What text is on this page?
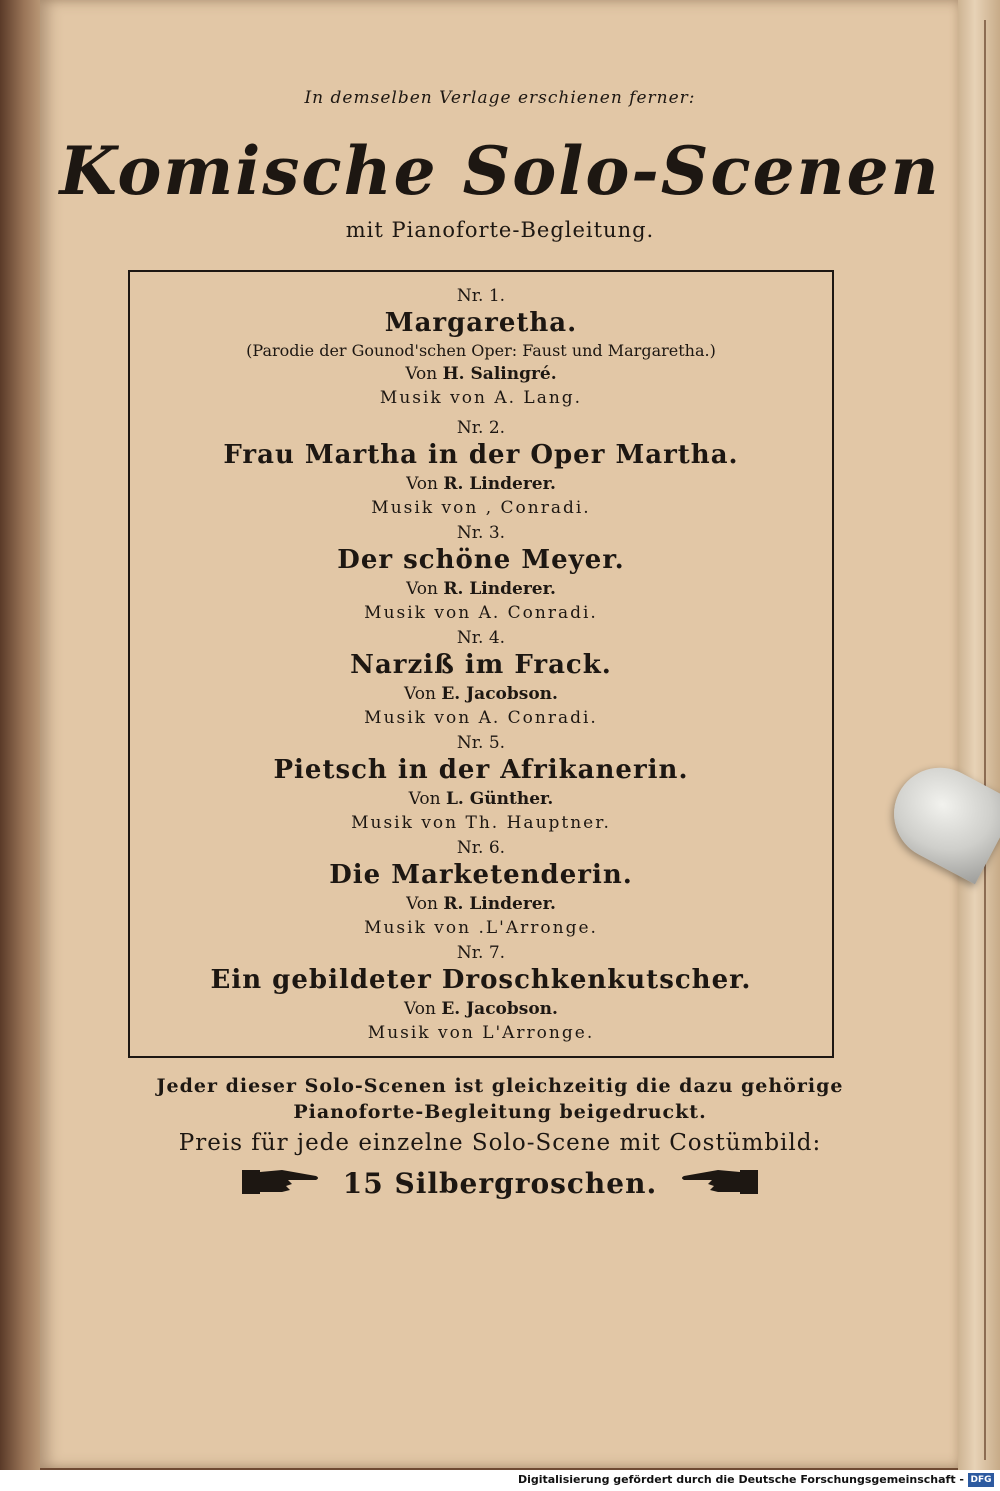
In demselben Verlage erschienen ferner:
Komische Solo-Scenen
mit Pianoforte-Begleitung.
Nr. 1.
Margaretha.
(Parodie der Gounod'schen Oper: Faust und Margaretha.)
Von H. Salingré.
Musik von A. Lang.
Nr. 2.
Frau Martha in der Oper Martha.
Von R. Linderer.
Musik von , Conradi.
Nr. 3.
Der schöne Meyer.
Von R. Linderer.
Musik von A. Conradi.
Nr. 4.
Narziß im Frack.
Von E. Jacobson.
Musik von A. Conradi.
Nr. 5.
Pietsch in der Afrikanerin.
Von L. Günther.
Musik von Th. Hauptner.
Nr. 6.
Die Marketenderin.
Von R. Linderer.
Musik von .L'Arronge.
Nr. 7.
Ein gebildeter Droschkenkutscher.
Von E. Jacobson.
Musik von L'Arronge.
Jeder dieser Solo-Scenen ist gleichzeitig die dazu gehörige
Pianoforte-Begleitung beigedruckt.
Preis für jede einzelne Solo-Scene mit Costümbild:
15 Silbergroschen.
Digitalisierung gefördert durch die Deutsche Forschungsgemeinschaft - DFG
